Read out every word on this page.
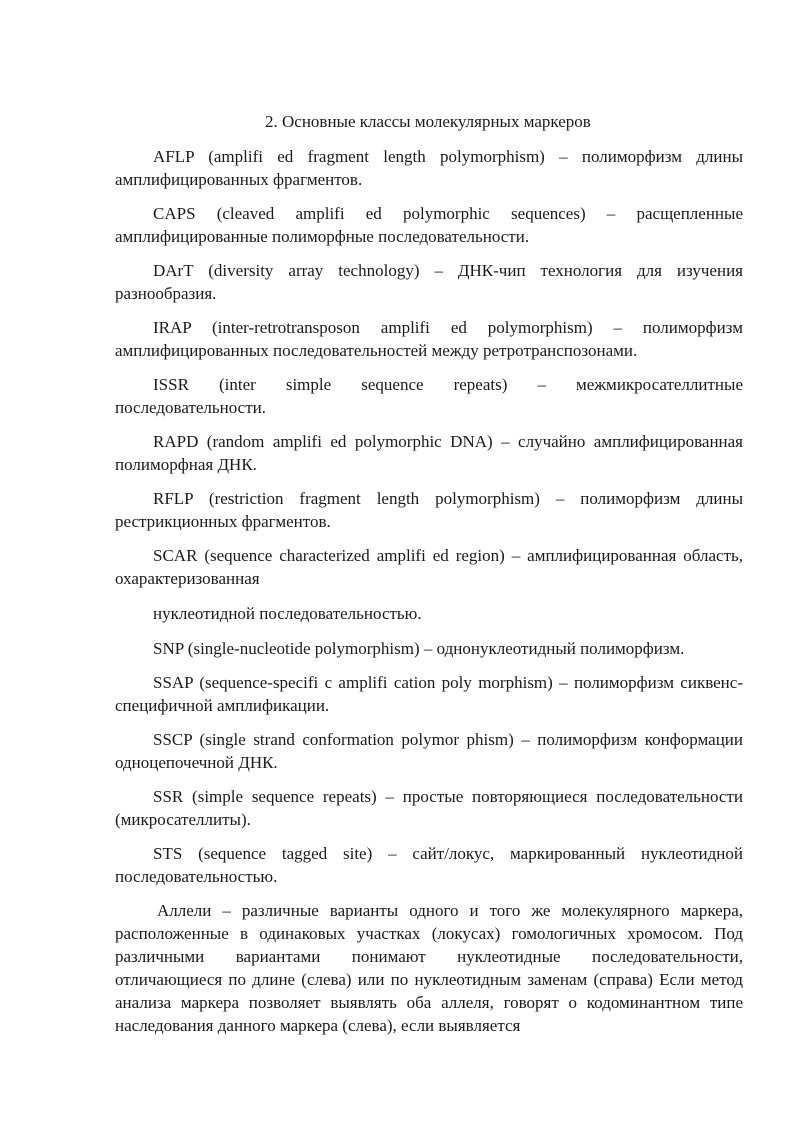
2. Основные классы молекулярных маркеров

AFLP (amplifi ed fragment length polymorphism) – полиморфизм длины амплифицированных фрагментов.

CAPS (cleaved amplifi ed polymorphic sequences) – расщепленные амплифицированные полиморфные последовательности.

DArT (diversity array technology) – ДНК-чип технология для изучения разнообразия.

IRAP (inter-retrotransposon amplifi ed polymorphism) – полиморфизм амплифицированных последовательностей между ретротранспозонами.

ISSR (inter simple sequence repeats) – межмикросателлитные последовательности.

RAPD (random amplifi ed polymorphic DNA) – случайно амплифицированная полиморфная ДНК.

RFLP (restriction fragment length polymorphism) – полиморфизм длины рестрикционных фрагментов.

SCAR (sequence characterized amplifi ed region) – амплифицированная область, охарактеризованная

нуклеотидной последовательностью.

SNP (single-nucleotide polymorphism) – однонуклеотидный полиморфизм.

SSAP (sequence-specifi c amplifi cation poly morphism) – полиморфизм сиквенс-специфичной амплификации.

SSCP (single strand conformation polymor phism) – полиморфизм конформации одноцепочечной ДНК.

SSR (simple sequence repeats) – простые повторяющиеся последовательности (микросателлиты).

STS (sequence tagged site) – сайт/локус, маркированный нуклеотидной последовательностью.

Аллели – различные варианты одного и того же молекулярного маркера, расположенные в одинаковых участках (локусах) гомологичных хромосом. Под различными вариантами понимают нуклеотидные последовательности, отличающиеся по длине (слева) или по нуклеотидным заменам (справа) Если метод анализа маркера позволяет выявлять оба аллеля, говорят о кодоминантном типе наследования данного маркера (слева), если выявляется
